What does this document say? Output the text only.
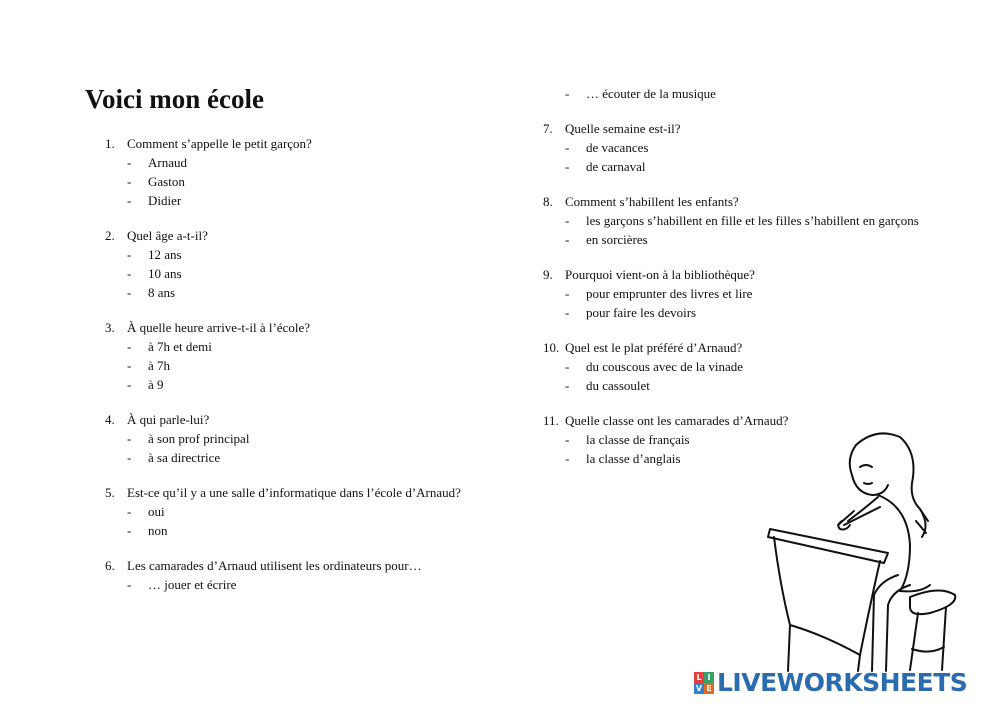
Voici mon école
1. Comment s’appelle le petit garçon?
- Arnaud
- Gaston
- Didier
2. Quel âge a-t-il?
- 12 ans
- 10 ans
- 8 ans
3. À quelle heure arrive-t-il à l’école?
- à 7h et demi
- à 7h
- à 9
4. À qui parle-lui?
- à son prof principal
- à sa directrice
5. Est-ce qu’il y a une salle d’informatique dans l’école d’Arnaud?
- oui
- non
6. Les camarades d’Arnaud utilisent les ordinateurs pour…
- … jouer et écrire
- … écouter de la musique
7. Quelle semaine est-il?
- de vacances
- de carnaval
8. Comment s’habillent les enfants?
- les garçons s’habillent en fille et les filles s’habillent en garçons
- en sorcières
9. Pourquoi vient-on à la bibliothèque?
- pour emprunter des livres et lire
- pour faire les devoirs
10. Quel est le plat préféré d’Arnaud?
- du couscous avec de la vinade
- du cassoulet
11. Quelle classe ont les camarades d’Arnaud?
- la classe de français
- la classe d’anglais
L I
V E LIVEWORKSHEETS
